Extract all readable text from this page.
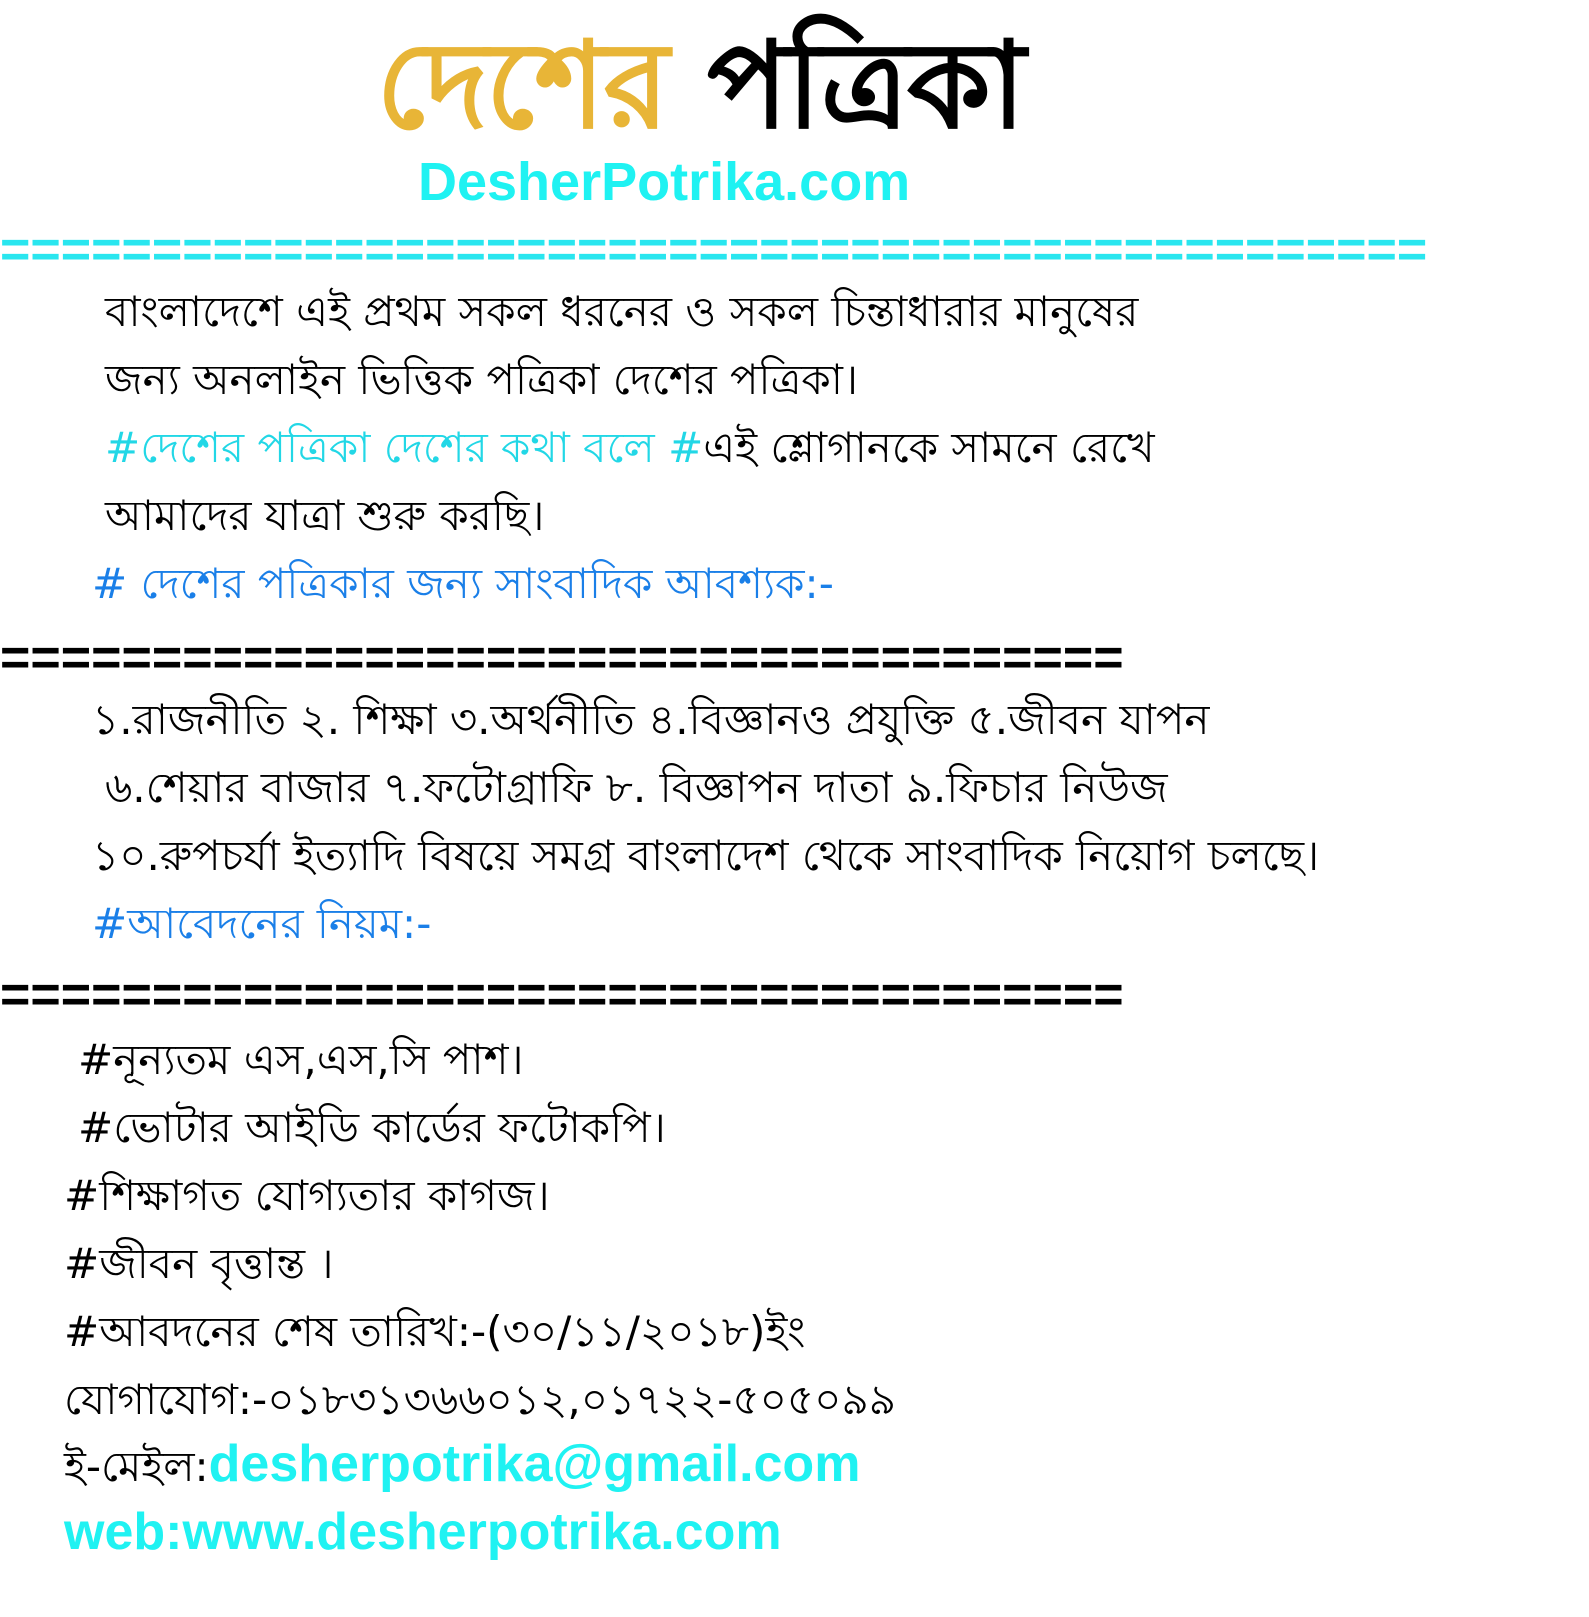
দেশের পত্রিকা
DesherPotrika.com
===============================================
বাংলাদেশে এই প্রথম সকল ধরনের ও সকল চিন্তাধারার মানুষের
জন্য অনলাইন ভিত্তিক পত্রিকা দেশের পত্রিকা।
#দেশের পত্রিকা দেশের কথা বলে #এই শ্লোগানকে সামনে রেখে
আমাদের যাত্রা শুরু করছি।
# দেশের পত্রিকার জন্য সাংবাদিক আবশ্যক:-
=====================================
১.রাজনীতি ২. শিক্ষা ৩.অর্থনীতি ৪.বিজ্ঞানও প্রযুক্তি ৫.জীবন যাপন
৬.শেয়ার বাজার ৭.ফটোগ্রাফি ৮. বিজ্ঞাপন দাতা ৯.ফিচার নিউজ
১০.রুপচর্যা ইত্যাদি বিষয়ে সমগ্র বাংলাদেশ থেকে সাংবাদিক নিয়োগ চলছে।
#আবেদনের নিয়ম:-
=====================================
#নূন্যতম এস,এস,সি পাশ।
#ভোটার আইডি কার্ডের ফটোকপি।
#শিক্ষাগত যোগ্যতার কাগজ।
#জীবন বৃত্তান্ত ।
#আবদনের শেষ তারিখ:-(৩০/১১/২০১৮)ইং
যোগাযোগ:-০১৮৩১৩৬৬০১২,০১৭২২-৫০৫০৯৯
ই-মেইল:desherpotrika@gmail.com
web:www.desherpotrika.com
